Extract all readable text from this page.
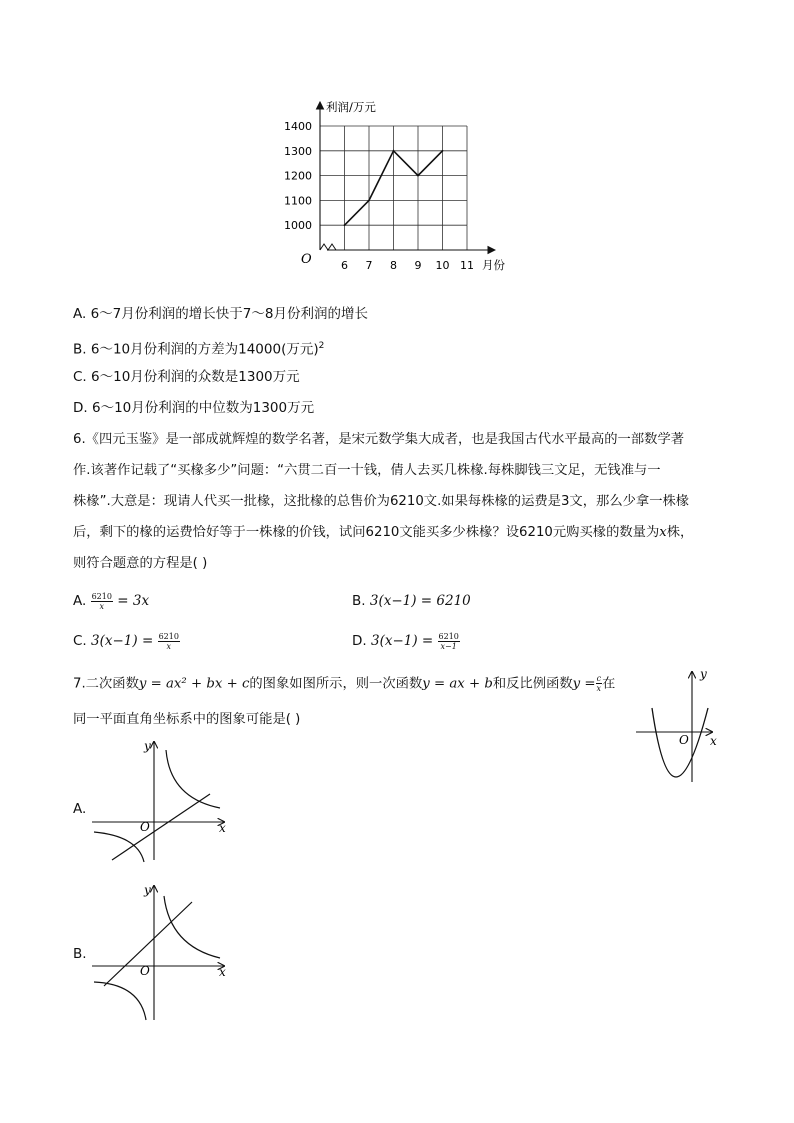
6 7 8 9 10 11
1000
1100
1200
1300
1400
利润/万元
月份
O
A. 6～7月份利润的增长快于7～8月份利润的增长
B. 6～10月份利润的方差为14000(万元)$^2$
C. 6～10月份利润的众数是1300万元
D. 6～10月份利润的中位数为1300万元
6.《四元玉鉴》是一部成就辉煌的数学名著，是宋元数学集大成者，也是我国古代水平最高的一部数学著
作.该著作记载了“买椽多少”问题：“六贯二百一十钱，倩人去买几株椽.每株脚钱三文足，无钱准与一
株椽”.大意是：现请人代买一批椽，这批椽的总售价为6210文.如果每株椽的运费是3文，那么少拿一株椽
后，剩下的椽的运费恰好等于一株椽的价钱，试问6210文能买多少株椽？设6210元购买椽的数量为x株，
则符合题意的方程是( )
A. $\frac{6210}{x} = 3x$	B. 3(x−1) = 6210
C. $3(x-1) = \frac{6210}{x}$	D. $3(x-1) = \frac{6210}{x-1}$
7.二次函数y = ax² + bx + c的图象如图所示，则一次函数y = ax + b和反比例函数$y = \frac{c}{x}$ 在
同一平面直角坐标系中的图象可能是( )
y
x
O
A.
y
x
O
B.
y
x
O
